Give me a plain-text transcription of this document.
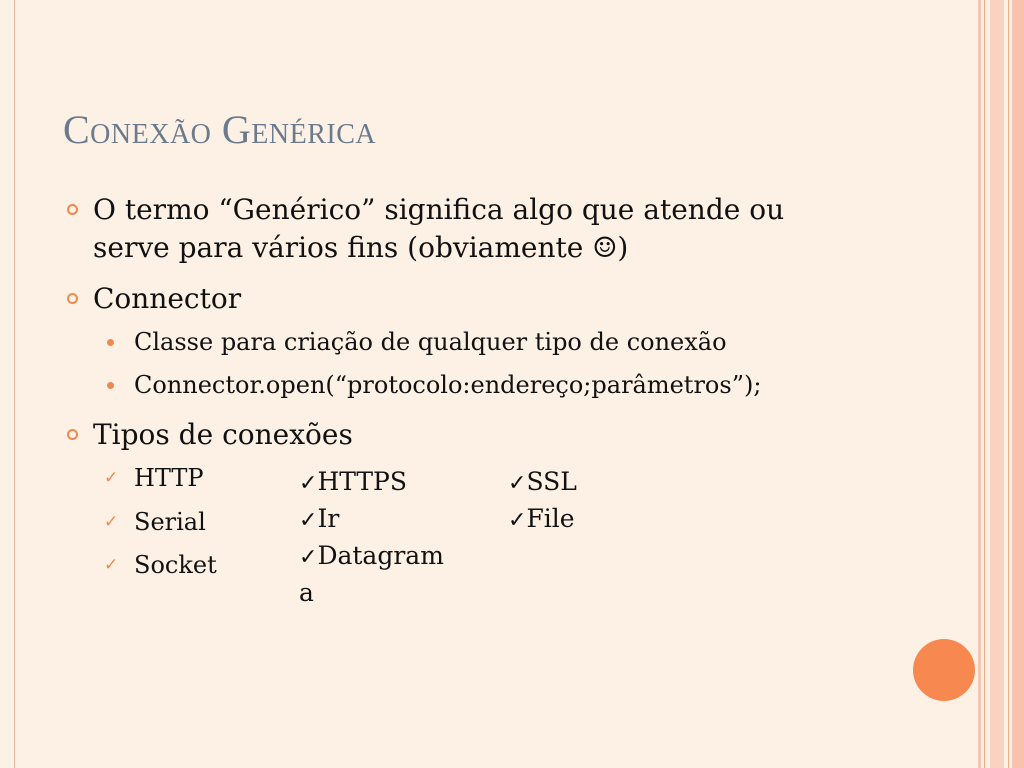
Conexão Genérica
O termo “Genérico” significa algo que atende ou
serve para vários fins (obviamente ☺)
Connector
Classe para criação de qualquer tipo de conexão
Connector.open(“protocolo:endereço;parâmetros”);
Tipos de conexões
✓ HTTP
✓ Serial
✓ Socket
✓HTTPS
✓Ir
✓Datagram
a
✓SSL
✓File
